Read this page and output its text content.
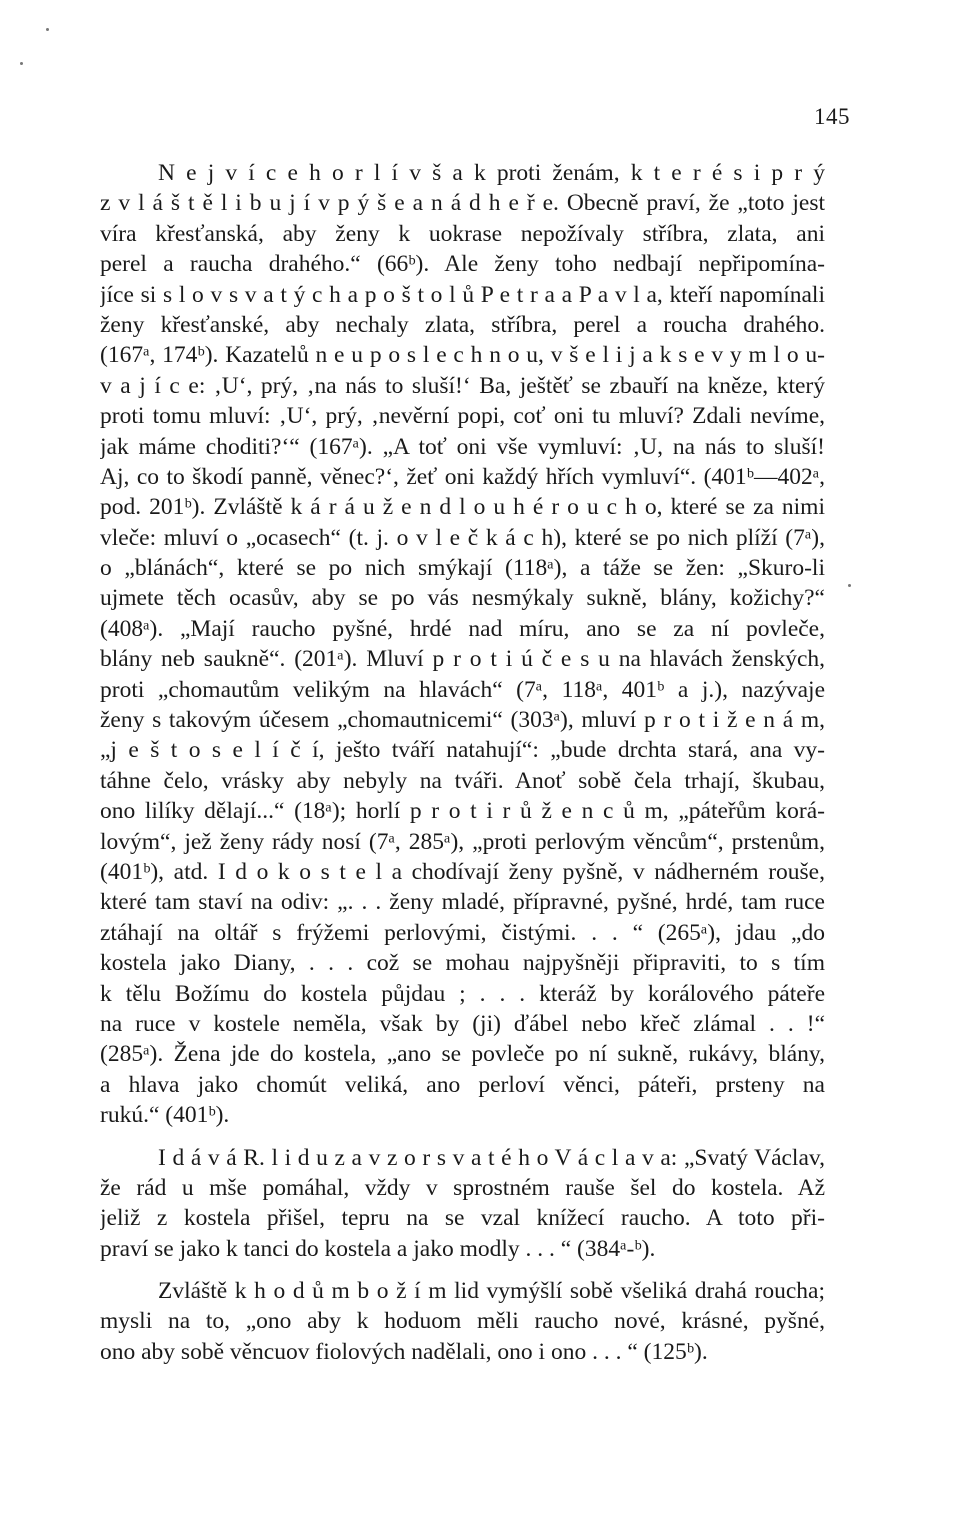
145
N e j v í c e h o r l í v š a k proti ženám, k t e r é s i p r ý
z v l á š t ě l i b u j í v p ý š e a n á d h e ř e. Obecně praví, že „toto jest
víra křesťanská, aby ženy k uokrase nepožívaly stříbra, zlata, ani
perel a raucha drahého.“ (66ᵇ). Ale ženy toho nedbají nepřipomína-
jíce si s l o v s v a t ý c h a p o š t o l ů P e t r a a P a v l a, kteří napomínali
ženy křesťanské, aby nechaly zlata, stříbra, perel a roucha drahého.
(167ᵃ, 174ᵇ). Kazatelů n e u p o s l e c h n o u, v š e l i j a k s e v y m l o u-
v a j í c e: ‚U‘, prý, ‚na nás to sluší!‘ Ba, ještěť se zbauří na kněze, který
proti tomu mluví: ‚U‘, prý, ‚nevěrní popi, coť oni tu mluví? Zdali nevíme,
jak máme choditi?‘“ (167ᵃ). „A toť oni vše vymluví: ‚U, na nás to sluší!
Aj, co to škodí panně, věnec?‘, žeť oni každý hřích vymluví“. (401ᵇ—402ᵃ,
pod. 201ᵇ). Zvláště k á r á u ž e n d l o u h é r o u c h o, které se za nimi
vleče: mluví o „ocasech“ (t. j. o v l e č k á c h), které se po nich plíží (7ᵃ),
o „blánách“, které se po nich smýkají (118ᵃ), a táže se žen: „Skuro-li
ujmete těch ocasův, aby se po vás nesmýkaly sukně, blány, kožichy?“
(408ᵃ). „Mají raucho pyšné, hrdé nad míru, ano se za ní povleče,
blány neb saukně“. (201ᵃ). Mluví p r o t i ú č e s u na hlavách ženských,
proti „chomautům velikým na hlavách“ (7ᵃ, 118ᵃ, 401ᵇ a j.), nazývaje
ženy s takovým účesem „chomautnicemi“ (303ᵃ), mluví p r o t i ž e n á m,
„j e š t o s e l í č í, ješto tváří natahují“: „bude drchta stará, ana vy-
táhne čelo, vrásky aby nebyly na tváři. Anoť sobě čela trhají, škubau,
ono lilíky dělají...“ (18ᵃ); horlí p r o t i r ů ž e n c ů m, „páteřům korá-
lovým“, jež ženy rády nosí (7ᵃ, 285ᵃ), „proti perlovým věncům“, prstenům,
(401ᵇ), atd. I d o k o s t e l a chodívají ženy pyšně, v nádherném rouše,
které tam staví na odiv: „. . . ženy mladé, přípravné, pyšné, hrdé, tam ruce
ztáhají na oltář s frýžemi perlovými, čistými. . . “ (265ᵃ), jdau „do
kostela jako Diany, . . . což se mohau najpyšněji připraviti, to s tím
k tělu Božímu do kostela půjdau ; . . . kteráž by korálového páteře
na ruce v kostele neměla, však by (ji) ďábel nebo křeč zlámal . . !“
(285ᵃ). Žena jde do kostela, „ano se povleče po ní sukně, rukávy, blány,
a hlava jako chomút veliká, ano perloví věnci, páteři, prsteny na
rukú.“ (401ᵇ).
I d á v á R. l i d u z a v z o r s v a t é h o V á c l a v a: „Svatý Václav,
že rád u mše pomáhal, vždy v sprostném rauše šel do kostela. Až
jeliž z kostela přišel, tepru na se vzal knížecí raucho. A toto při-
praví se jako k tanci do kostela a jako modly . . . “ (384ᵃ-ᵇ).
Zvláště k h o d ů m b o ž í m lid vymýšlí sobě všeliká drahá roucha;
mysli na to, „ono aby k hoduom měli raucho nové, krásné, pyšné,
ono aby sobě věncuov fiolových nadělali, ono i ono . . . “ (125ᵇ).
